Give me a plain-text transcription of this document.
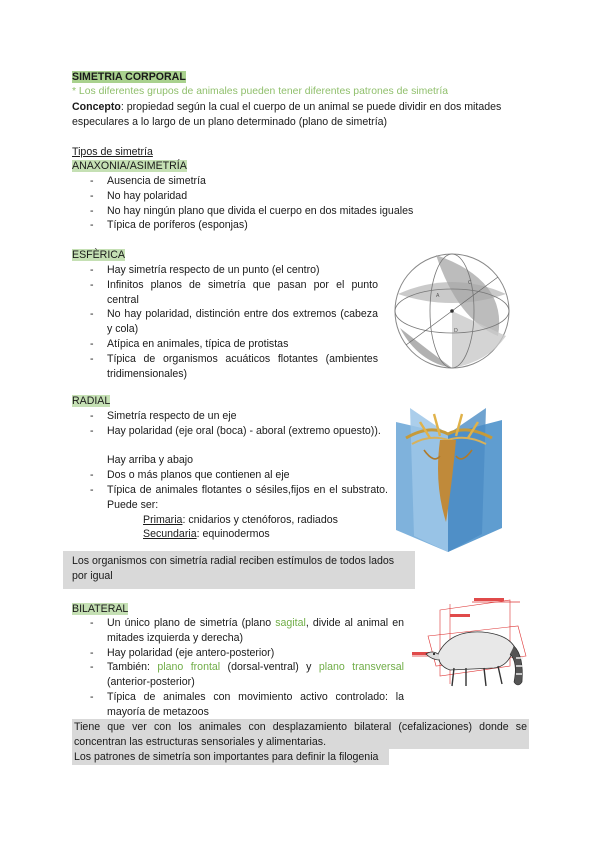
SIMETRIA CORPORAL
* Los diferentes grupos de animales pueden tener diferentes patrones de simetría
Concepto: propiedad según la cual el cuerpo de un animal se puede dividir en dos mitades especulares a lo largo de un plano determinado (plano de simetría)
Tipos de simetría
ANAXONIA/ASIMETRÍA
- Ausencia de simetría
- No hay polaridad
- No hay ningún plano que divida el cuerpo en dos mitades iguales
- Típica de poríferos (esponjas)
ESFÈRICA
- Hay simetría respecto de un punto (el centro)
- Infinitos planos de simetría que pasan por el punto central
- No hay polaridad, distinción entre dos extremos (cabeza y cola)
- Atípica en animales, típica de protistas
- Típica de organismos acuáticos flotantes (ambientes tridimensionales)
C
A
D
RADIAL
- Simetría respecto de un eje
- Hay polaridad (eje oral (boca) - aboral (extremo opuesto)).
Hay arriba y abajo
- Dos o más planos que contienen al eje
- Típica de animales flotantes o sésiles,fijos en el substrato. Puede ser:
Primaria: cnidarios y ctenóforos, radiados
Secundaria: equinodermos
Los organismos con simetría radial reciben estímulos de todos lados por igual
BILATERAL
- Un único plano de simetría (plano sagital, divide al animal en mitades izquierda y derecha)
- Hay polaridad (eje antero-posterior)
- También: plano frontal (dorsal-ventral) y plano transversal (anterior-posterior)
- Típica de animales con movimiento activo controlado: la mayoría de metazoos
Tiene que ver con los animales con desplazamiento bilateral (cefalizaciones) donde se concentran las estructuras sensoriales y alimentarias.
Los patrones de simetría son importantes para definir la filogenia
